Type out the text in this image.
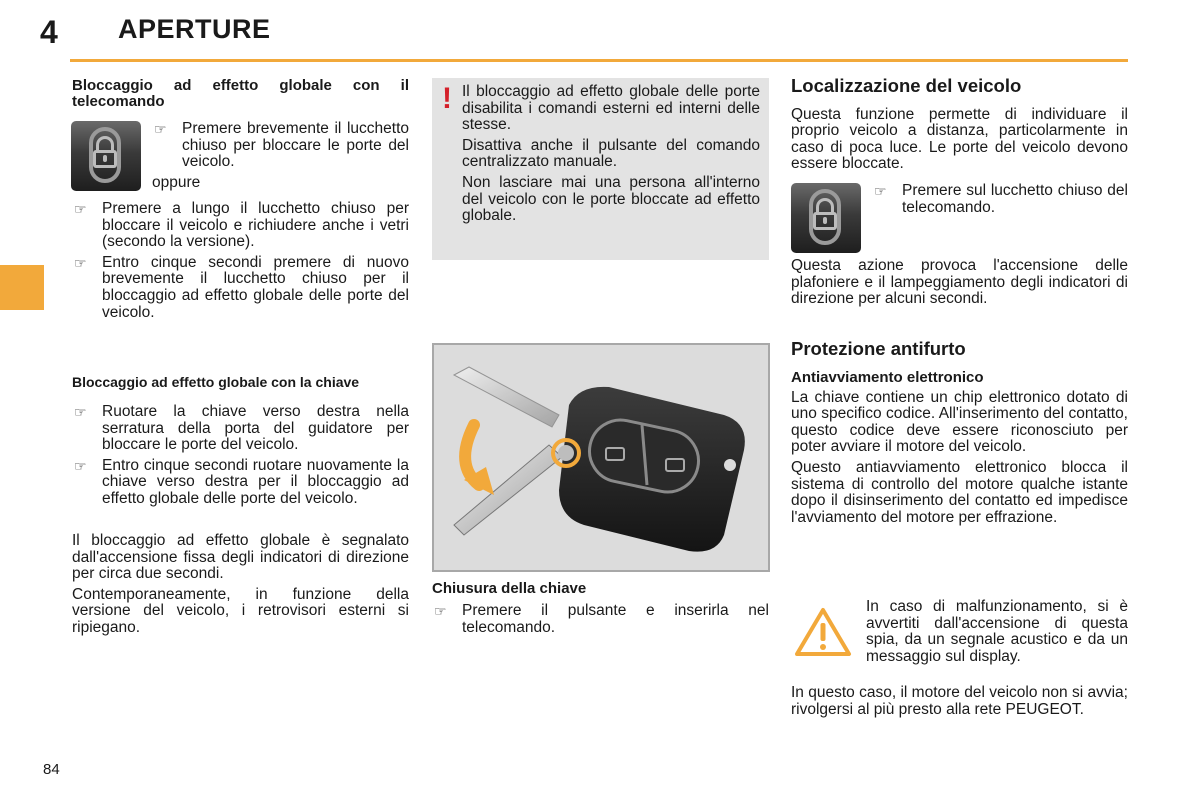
4 APERTURE
84

Bloccaggio ad effetto globale con il telecomando

☞ Premere brevemente il lucchetto chiuso per bloccare le porte del veicolo.

oppure

☞ Premere a lungo il lucchetto chiuso per bloccare il veicolo e richiudere anche i vetri (secondo la versione).
☞ Entro cinque secondi premere di nuovo brevemente il lucchetto chiuso per il bloccaggio ad effetto globale delle porte del veicolo.

Bloccaggio ad effetto globale con la chiave

☞ Ruotare la chiave verso destra nella serratura della porta del guidatore per bloccare le porte del veicolo.
☞ Entro cinque secondi ruotare nuovamente la chiave verso destra per il bloccaggio ad effetto globale delle porte del veicolo.

Il bloccaggio ad effetto globale è segnalato dall'accensione fissa degli indicatori di direzione per circa due secondi.

Contemporaneamente, in funzione della versione del veicolo, i retrovisori esterni si ripiegano.

! Il bloccaggio ad effetto globale delle porte disabilita i comandi esterni ed interni delle stesse.

Disattiva anche il pulsante del comando centralizzato manuale.

Non lasciare mai una persona all'interno del veicolo con le porte bloccate ad effetto globale.

Chiusura della chiave

☞ Premere il pulsante e inserirla nel telecomando.

Localizzazione del veicolo

Questa funzione permette di individuare il proprio veicolo a distanza, particolarmente in caso di poca luce. Le porte del veicolo devono essere bloccate.

☞ Premere sul lucchetto chiuso del telecomando.

Questa azione provoca l'accensione delle plafoniere e il lampeggiamento degli indicatori di direzione per alcuni secondi.

Protezione antifurto

Antiavviamento elettronico

La chiave contiene un chip elettronico dotato di uno specifico codice. All'inserimento del contatto, questo codice deve essere riconosciuto per poter avviare il motore del veicolo.

Questo antiavviamento elettronico blocca il sistema di controllo del motore qualche istante dopo il disinserimento del contatto ed impedisce l'avviamento del motore per effrazione.

In caso di malfunzionamento, si è avvertiti dall'accensione di questa spia, da un segnale acustico e da un messaggio sul display.

In questo caso, il motore del veicolo non si avvia; rivolgersi al più presto alla rete PEUGEOT.
